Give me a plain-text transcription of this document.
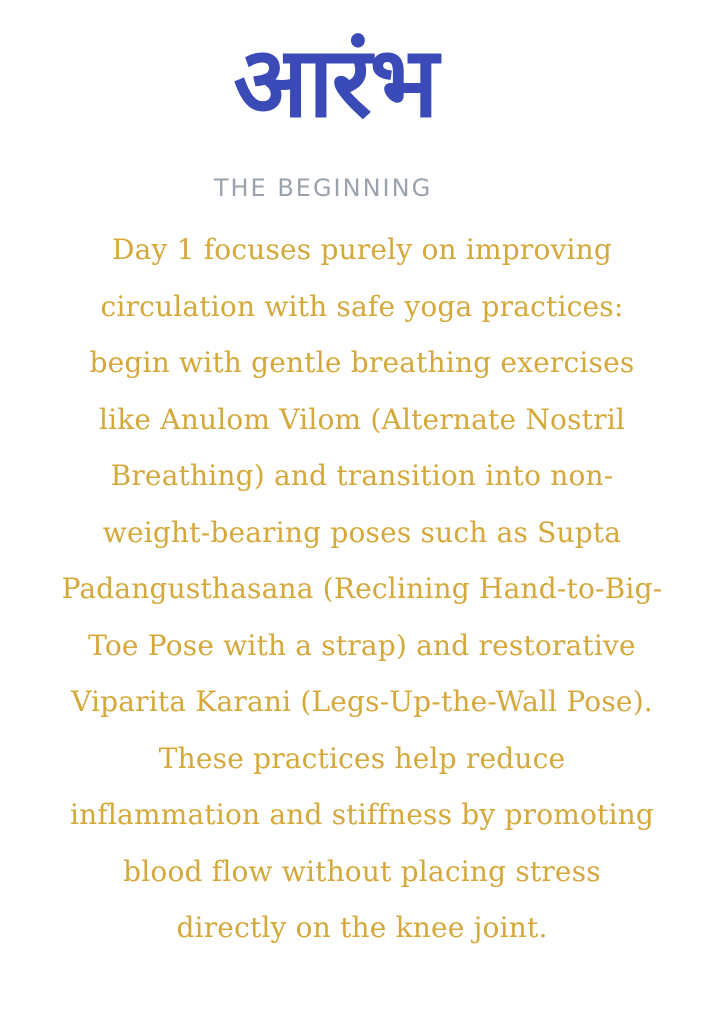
आरंभ
THE BEGINNING
Day 1 focuses purely on improving
circulation with safe yoga practices:
begin with gentle breathing exercises
like Anulom Vilom (Alternate Nostril
Breathing) and transition into non-
weight-bearing poses such as Supta
Padangusthasana (Reclining Hand-to-Big-
Toe Pose with a strap) and restorative
Viparita Karani (Legs-Up-the-Wall Pose).
These practices help reduce
inflammation and stiffness by promoting
blood flow without placing stress
directly on the knee joint.
